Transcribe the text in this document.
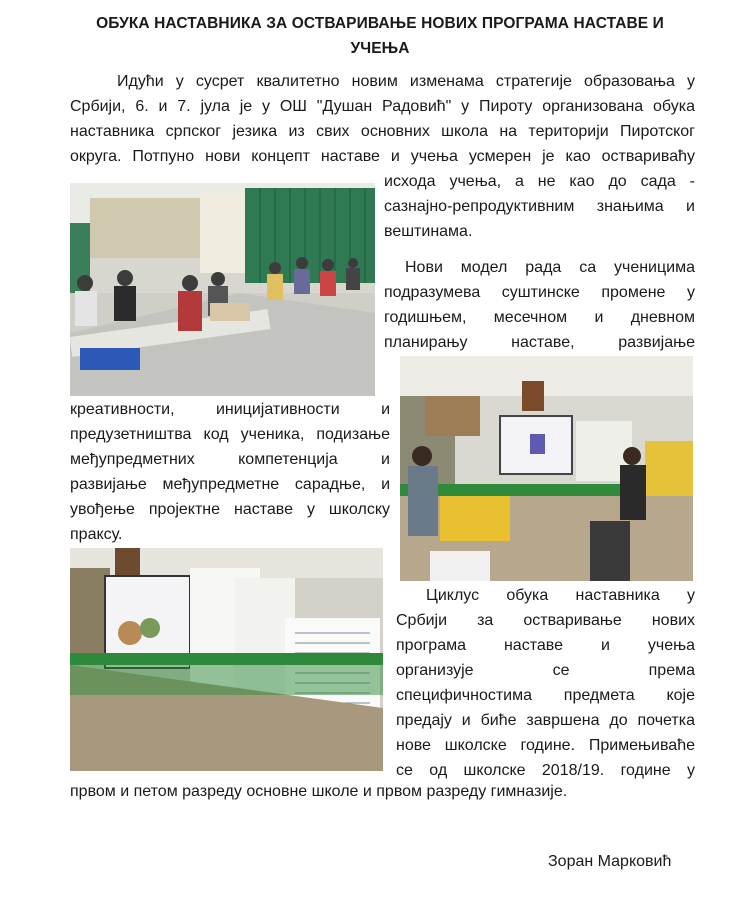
ОБУКА НАСТАВНИКА ЗА ОСТВАРИВАЊЕ НОВИХ ПРОГРАМА НАСТАВЕ И
УЧЕЊА
Идући у сусрет квалитетно новим изменама стратегије образовања у
Србији, 6. и 7. јула је у ОШ "Душан Радовић" у Пироту организована обука
наставника српског језика из свих основних школа на територији Пиротског
округа. Потпуно нови концепт наставе и учења усмерен је као оствариваћу
исхода учења, а не као до сада -
сазнајно-репродуктивним знањима и
вештинама.
Нови модел рада са ученицима
подразумева суштинске промене у
годишњем, месечном и дневном
планирању наставе, развијање
креативности, иницијативности и
предузетништва код ученика, подизање
међупредметних компетенција и
развијање међупредметне сарадње, и
увођење пројектне наставе у школску
праксу.
Циклус обука наставника у
Србији за остваривање нових
програма наставе и учења
организује се према
специфичностима предмета које
предају и биће завршена до почетка
нове школске године. Примењиваће
се од школске 2018/19. године у
првом и петом разреду основне школе и првом разреду гимназије.
Зоран Марковић
